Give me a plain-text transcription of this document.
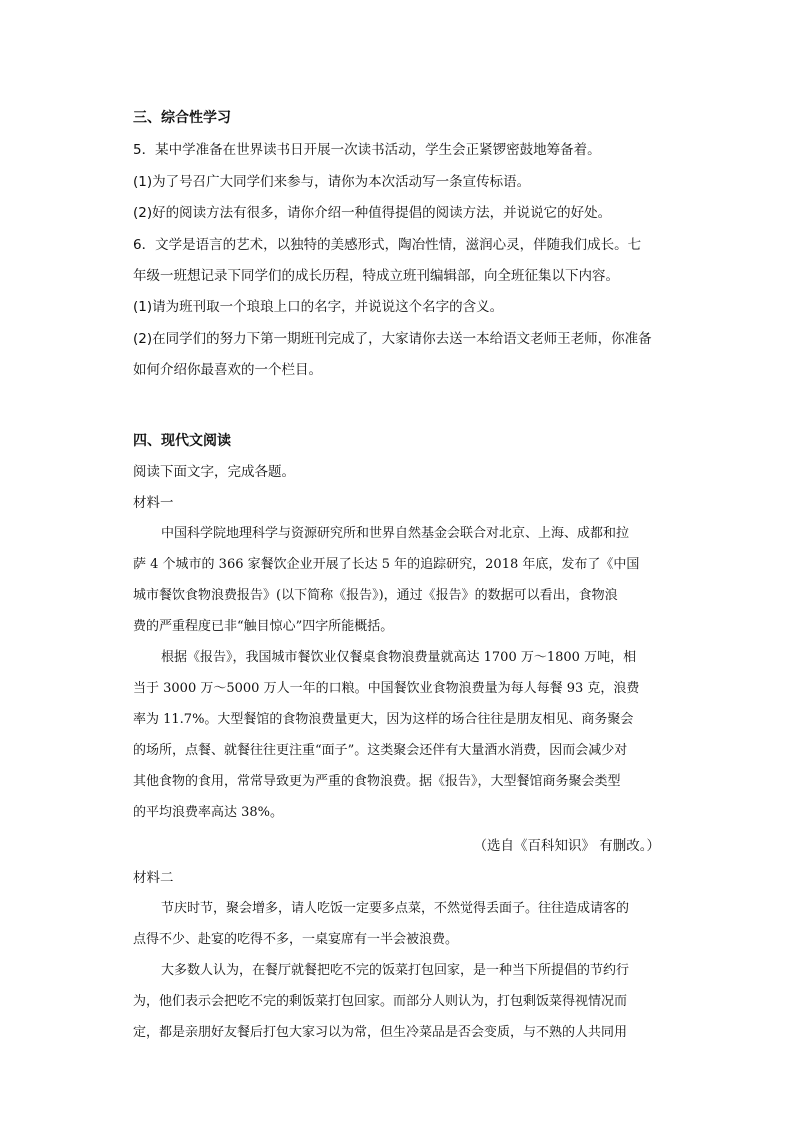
三、综合性学习
5．某中学准备在世界读书日开展一次读书活动，学生会正紧锣密鼓地筹备着。
(1)为了号召广大同学们来参与，请你为本次活动写一条宣传标语。
(2)好的阅读方法有很多，请你介绍一种值得提倡的阅读方法，并说说它的好处。
6．文学是语言的艺术，以独特的美感形式，陶冶性情，滋润心灵，伴随我们成长。七
年级一班想记录下同学们的成长历程，特成立班刊编辑部，向全班征集以下内容。
(1)请为班刊取一个琅琅上口的名字，并说说这个名字的含义。
(2)在同学们的努力下第一期班刊完成了，大家请你去送一本给语文老师王老师，你准备
如何介绍你最喜欢的一个栏目。
四、现代文阅读
阅读下面文字，完成各题。
材料一
中国科学院地理科学与资源研究所和世界自然基金会联合对北京、上海、成都和拉
萨 4 个城市的 366 家餐饮企业开展了长达 5 年的追踪研究，2018 年底，发布了《中国
城市餐饮食物浪费报告》(以下简称《报告》)，通过《报告》的数据可以看出，食物浪
费的严重程度已非“触目惊心”四字所能概括。
根据《报告》，我国城市餐饮业仅餐桌食物浪费量就高达 1700 万～1800 万吨，相
当于 3000 万～5000 万人一年的口粮。中国餐饮业食物浪费量为每人每餐 93 克，浪费
率为 11.7%。大型餐馆的食物浪费量更大，因为这样的场合往往是朋友相见、商务聚会
的场所，点餐、就餐往往更注重“面子”。这类聚会还伴有大量酒水消费，因而会减少对
其他食物的食用，常常导致更为严重的食物浪费。据《报告》，大型餐馆商务聚会类型
的平均浪费率高达 38%。
（选自《百科知识》 有删改。）
材料二
节庆时节，聚会增多，请人吃饭一定要多点菜，不然觉得丢面子。往往造成请客的
点得不少、赴宴的吃得不多，一桌宴席有一半会被浪费。
大多数人认为，在餐厅就餐把吃不完的饭菜打包回家，是一种当下所提倡的节约行
为，他们表示会把吃不完的剩饭菜打包回家。而部分人则认为，打包剩饭菜得视情况而
定，都是亲朋好友餐后打包大家习以为常，但生冷菜品是否会变质，与不熟的人共同用
